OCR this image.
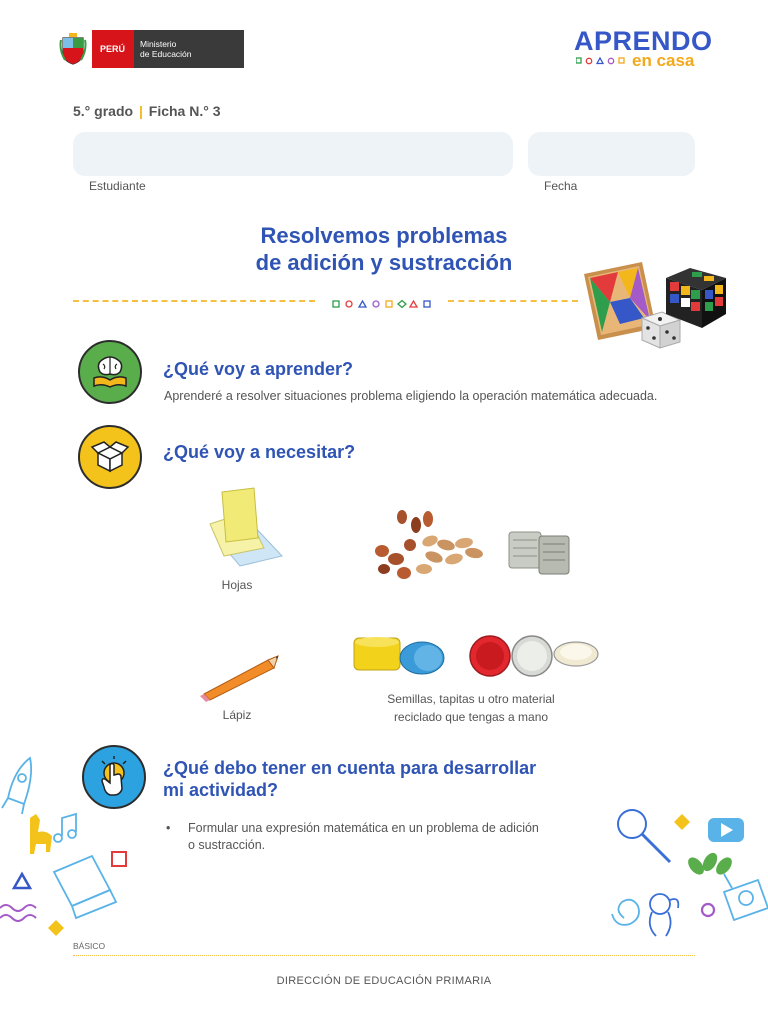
PERÚ	Ministerio
de Educación	APRENDO
en casa
5.° grado | Ficha N.° 3
Estudiante	Fecha
Resolvemos problemas
de adición y sustracción
¿Qué voy a aprender?
Aprenderé a resolver situaciones problema eligiendo la operación matemática adecuada.
¿Qué voy a necesitar?
Hojas
Lápiz
Semillas, tapitas u otro material
reciclado que tengas a mano
¿Qué debo tener en cuenta para desarrollar
mi actividad?
• Formular una expresión matemática en un problema de adición
o sustracción.
BÁSICO
DIRECCIÓN DE EDUCACIÓN PRIMARIA
